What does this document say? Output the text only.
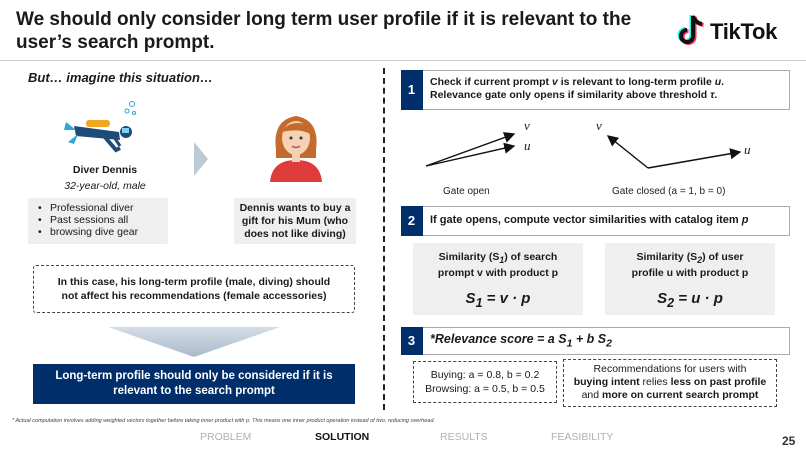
We should only consider long term user profile if it is relevant to the user’s search prompt.	TikTok
But… imagine this situation…
Diver Dennis
32-year-old, male
• Professional diver
• Past sessions all
• browsing dive gear
Dennis wants to buy a
gift for his Mum (who
does not like diving)
In this case, his long-term profile (male, diving) should
not affect his recommendations (female accessories)
Long-term profile should only be considered if it is
relevant to the search prompt
1	Check if current prompt v is relevant to long-term profile u.
Relevance gate only opens if similarity above threshold τ.
v
u
Gate open
v
u
Gate closed (a = 1, b = 0)
2	If gate opens, compute vector similarities with catalog item p
Similarity $(S_1)$ of search
prompt v with product p
$S_1 = v \cdot p$
Similarity $(S_2)$ of user
profile u with product p
$S_2 = u \cdot p$
3	*Relevance score = a $S_1 + b$ $S_2$
Buying: a = 0.8, b = 0.2
Browsing: a = 0.5, b = 0.5
Recommendations for users with
buying intent relies less on past profile
and more on current search prompt
* Actual computation involves adding weighted vectors together before taking inner product with p. This means one inner product operation instead of two, reducing overhead.
PROBLEM	SOLUTION	RESULTS	FEASIBILITY	25
